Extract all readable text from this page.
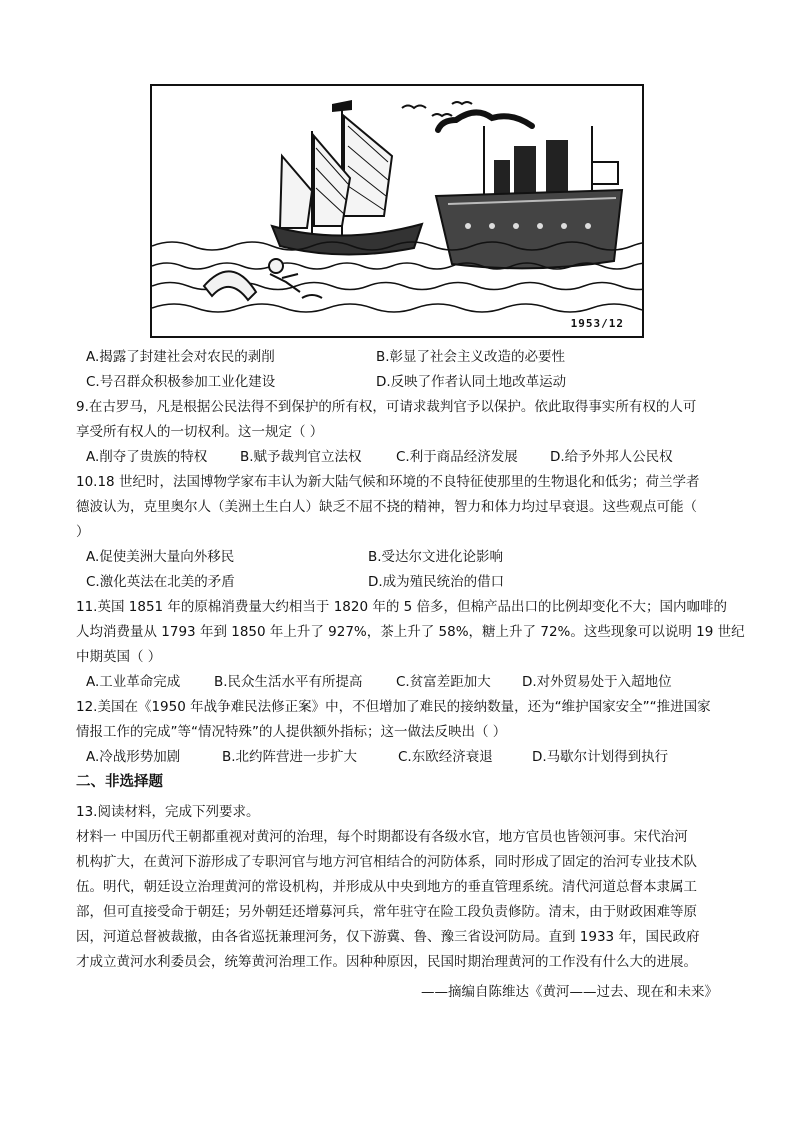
1953/12
A.揭露了封建社会对农民的剥削	B.彰显了社会主义改造的必要性
C.号召群众积极参加工业化建设	D.反映了作者认同土地改革运动
9.在古罗马，凡是根据公民法得不到保护的所有权，可请求裁判官予以保护。依此取得事实所有权的人可
享受所有权人的一切权利。这一规定（ ）
A.削夺了贵族的特权 B.赋予裁判官立法权	C.利于商品经济发展 D.给予外邦人公民权
10.18 世纪时，法国博物学家布丰认为新大陆气候和环境的不良特征使那里的生物退化和低劣；荷兰学者
德波认为，克里奥尔人（美洲土生白人）缺乏不屈不挠的精神，智力和体力均过早衰退。这些观点可能（
）
A.促使美洲大量向外移民	B.受达尔文进化论影响
C.激化英法在北美的矛盾	D.成为殖民统治的借口
11.英国 1851 年的原棉消费量大约相当于 1820 年的 5 倍多，但棉产品出口的比例却变化不大；国内咖啡的
人均消费量从 1793 年到 1850 年上升了 927%，茶上升了 58%，糖上升了 72%。这些现象可以说明 19 世纪
中期英国（ ）
A.工业革命完成 B.民众生活水平有所提高 C.贫富差距加大 D.对外贸易处于入超地位
12.美国在《1950 年战争难民法修正案》中，不但增加了难民的接纳数量，还为“维护国家安全”“推进国家
情报工作的完成”等“情况特殊”的人提供额外指标；这一做法反映出（ ）
A.冷战形势加剧	B.北约阵营进一步扩大	C.东欧经济衰退	D.马歇尔计划得到执行
二、非选择题
13.阅读材料，完成下列要求。
材料一 中国历代王朝都重视对黄河的治理，每个时期都设有各级水官，地方官员也皆领河事。宋代治河
机构扩大，在黄河下游形成了专职河官与地方河官相结合的河防体系，同时形成了固定的治河专业技术队
伍。明代，朝廷设立治理黄河的常设机构，并形成从中央到地方的垂直管理系统。清代河道总督本隶属工
部，但可直接受命于朝廷；另外朝廷还增募河兵，常年驻守在险工段负责修防。清末，由于财政困难等原
因，河道总督被裁撤，由各省巡抚兼理河务，仅下游冀、鲁、豫三省设河防局。直到 1933 年，国民政府
才成立黄河水利委员会，统筹黄河治理工作。因种种原因，民国时期治理黄河的工作没有什么大的进展。
——摘编自陈维达《黄河——过去、现在和未来》
